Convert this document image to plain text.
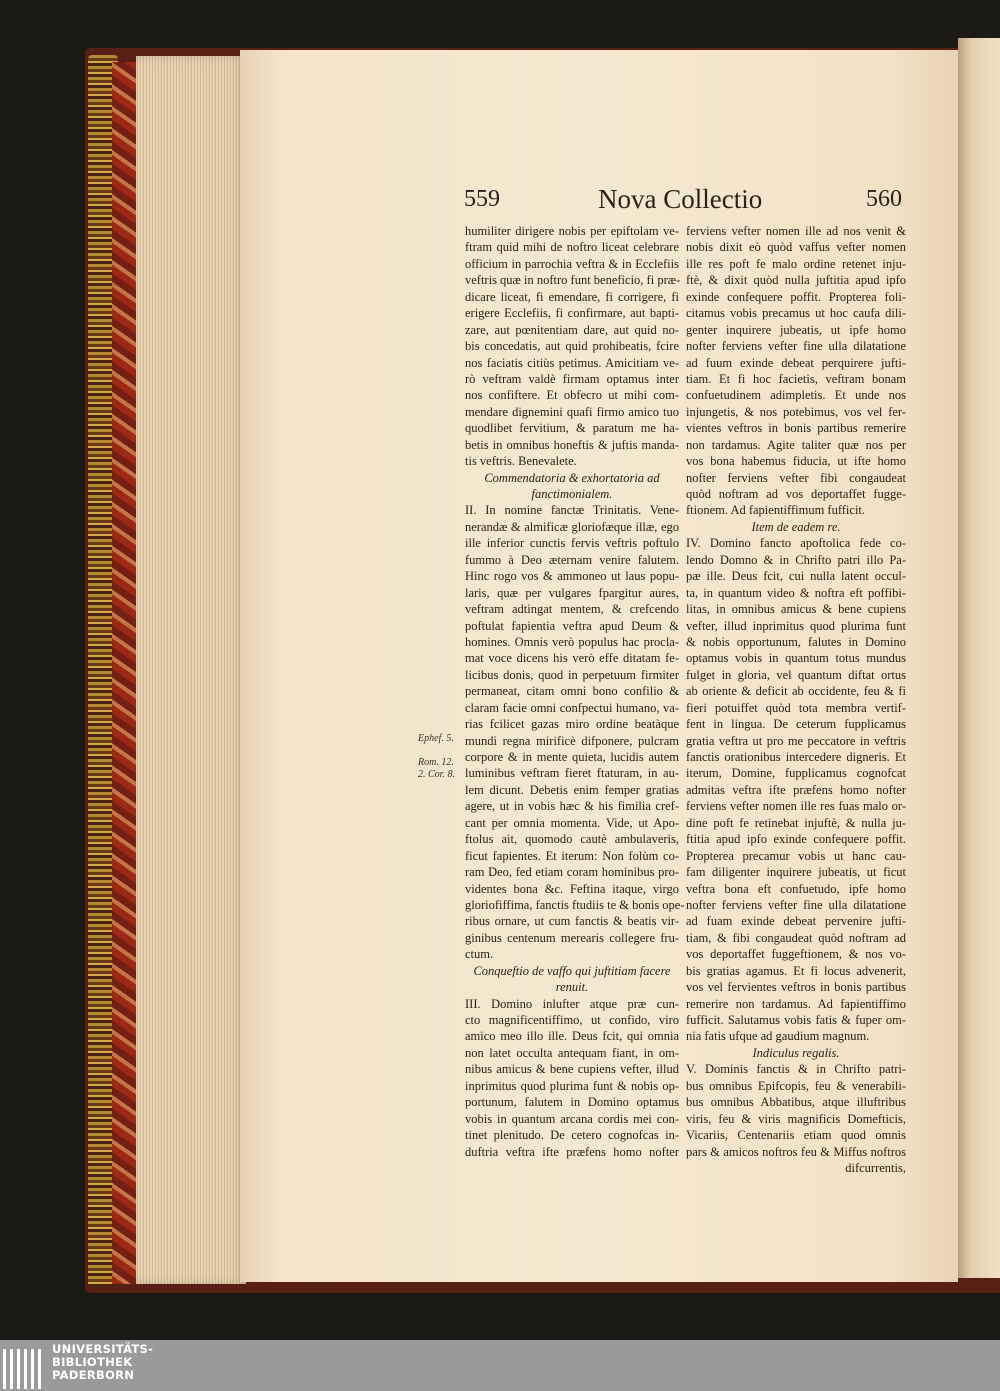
559	Nova Collectio	560
humiliter dirigere nobis per epiftolam ve-
ftram quid mihi de noftro liceat celebrare
officium in parrochia veftra & in Ecclefiis
veftris quæ in noftro funt beneficio, fi præ-
dicare liceat, fi emendare, fi corrigere, fi
erigere Ecclefiis, fi confirmare, aut bapti-
zare, aut pœnitentiam dare, aut quid no-
bis concedatis, aut quid prohibeatis, fcire
nos faciatis citiùs petimus. Amicitiam ve-
rò veftram valdè firmam optamus inter
nos confiftere. Et obfecro ut mihi com-
mendare dignemini quafi firmo amico tuo
quodlibet fervitium, & paratum me ha-
betis in omnibus honeftis & juftis manda-
tis veftris. Benevalete.
Commendatoria & exhortatoria ad
fanctimonialem.
II. In nomine fanctæ Trinitatis. Vene-
nerandæ & almificæ gloriofæque illæ, ego
ille inferior cunctis fervis veftris poftulo
fummo à Deo æternam venire falutem.
Hinc rogo vos & ammoneo ut laus popu-
laris, quæ per vulgares fpargitur aures,
veftram adtingat mentem, & crefcendo
poftulat fapientia veftra apud Deum &
homines. Omnis verò populus hac procla-
mat voce dicens his verò effe ditatam fe-
licibus donis, quod in perpetuum firmiter
permaneat, citam omni bono confilio &
claram facie omni confpectui humano, va-
rias fcilicet gazas miro ordine beatàque
mundi regna mirificè difponere, pulcram
corpore & in mente quieta, lucidis autem
luminibus veftram fieret ftaturam, in au-
lem dicunt. Debetis enim femper gratias
agere, ut in vobis hæc & his fimilia cref-
cant per omnia momenta. Vide, ut Apo-
ftolus ait, quomodo cautè ambulaveris,
ficut fapientes. Et iterum: Non folùm co-
ram Deo, fed etiam coram hominibus pro-
videntes bona &c. Feftina itaque, virgo
gloriofiffima, fanctis ftudiis te & bonis ope-
ribus ornare, ut cum fanctis & beatis vir-
ginibus centenum merearis collegere fru-
ctum.
Conqueftio de vaffo qui juftitiam facere
renuit.
III. Domino inlufter atque præ cun-
cto magnificentiffimo, ut confido, viro
amico meo illo ille. Deus fcit, qui omnia
non latet occulta antequam fiant, in om-
nibus amicus & bene cupiens vefter, illud
inprimitus quod plurima funt & nobis op-
portunum, falutem in Domino optamus
vobis in quantum arcana cordis mei con-
tinet plenitudo. De cetero cognofcas in-
duftria veftra ifte præfens homo nofter
ferviens vefter nomen ille ad nos venit &
nobis dixit eò quòd vaffus vefter nomen
ille res poft fe malo ordine retenet inju-
ftè, & dixit quòd nulla juftitia apud ipfo
exinde confequere poffit. Propterea foli-
citamus vobis precamus ut hoc caufa dili-
genter inquirere jubeatis, ut ipfe homo
nofter ferviens vefter fine ulla dilatatione
ad fuum exinde debeat perquirere jufti-
tiam. Et fi hoc facietis, veftram bonam
confuetudinem adimpletis. Et unde nos
injungetis, & nos potebimus, vos vel fer-
vientes veftros in bonis partibus remerire
non tardamus. Agite taliter quæ nos per
vos bona habemus fiducia, ut ifte homo
nofter ferviens vefter fibi congaudeat
quòd noftram ad vos deportaffet fugge-
ftionem. Ad fapientiffimum fufficit.
Item de eadem re.
IV. Domino fancto apoftolica fede co-
lendo Domno & in Chrifto patri illo Pa-
pæ ille. Deus fcit, cui nulla latent occul-
ta, in quantum video & noftra eft poffibi-
litas, in omnibus amicus & bene cupiens
vefter, illud inprimitus quod plurima funt
& nobis opportunum, falutes in Domino
optamus vobis in quantum totus mundus
fulget in gloria, vel quantum diftat ortus
ab oriente & deficit ab occidente, feu & fi
fieri potuiffet quòd tota membra vertif-
fent in lingua. De ceterum fupplicamus
gratia veftra ut pro me peccatore in veftris
fanctis orationibus intercedere digneris. Et
iterum, Domine, fupplicamus cognofcat
admitas veftra ifte præfens homo nofter
ferviens vefter nomen ille res fuas malo or-
dine poft fe retinebat injuftè, & nulla ju-
ftitia apud ipfo exinde confequere poffit.
Propterea precamur vobis ut hanc cau-
fam diligenter inquirere jubeatis, ut ficut
veftra bona eft confuetudo, ipfe homo
nofter ferviens vefter fine ulla dilatatione
ad fuam exinde debeat pervenire jufti-
tiam, & fibi congaudeat quòd noftram ad
vos deportaffet fuggeftionem, & nos vo-
bis gratias agamus. Et fi locus advenerit,
vos vel fervientes veftros in bonis partibus
remerire non tardamus. Ad fapientiffimo
fufficit. Salutamus vobis fatis & fuper om-
nia fatis ufque ad gaudium magnum.
Indiculus regalis.
V. Dominis fanctis & in Chrifto patri-
bus omnibus Epifcopis, feu & venerabili-
bus omnibus Abbatibus, atque illuftribus
viris, feu & viris magnificis Domefticis,
Vicariis, Centenariis etiam quod omnis
pars & amicos noftros feu & Miffus noftros
difcurrentis,
Ephef. 5.
Rom. 12.
2. Cor. 8.
UNIVERSITÄTS-
BIBLIOTHEK
PADERBORN
